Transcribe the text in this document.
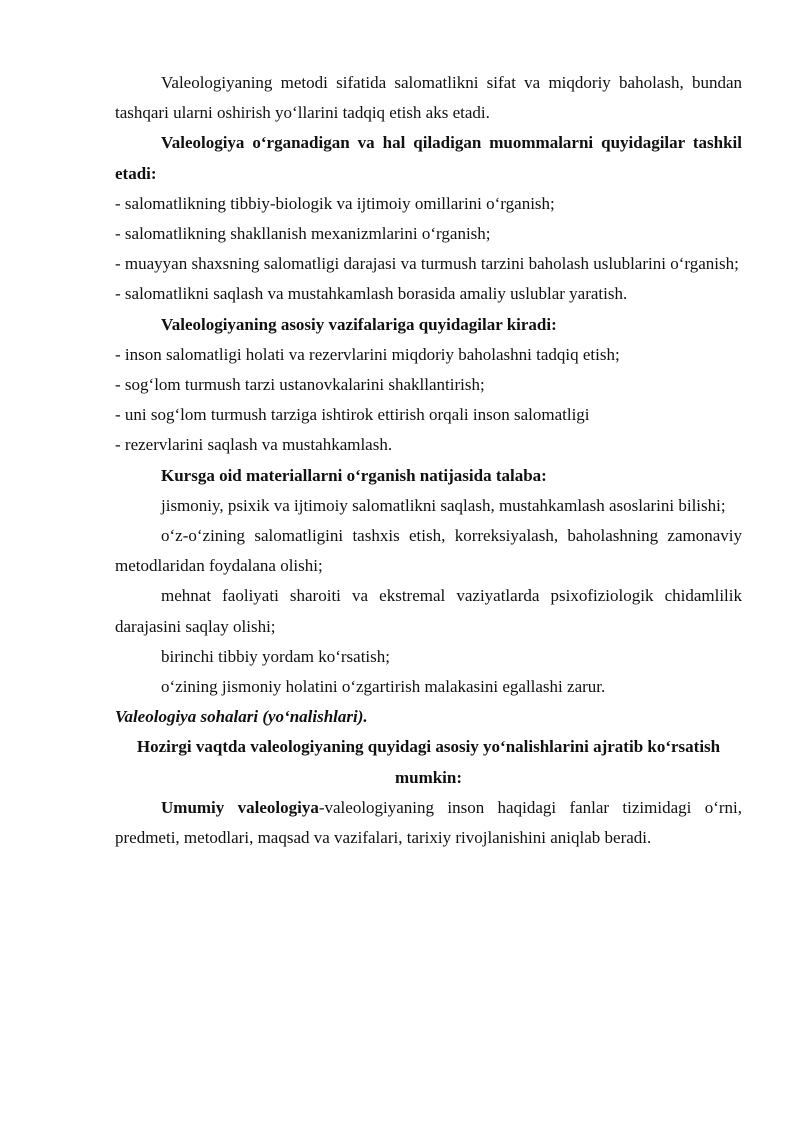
Valeologiyaning metodi sifatida salomatlikni sifat va miqdoriy baholash, bundan tashqari ularni oshirish yo‘llarini tadqiq etish aks etadi.

Valeologiya o‘rganadigan va hal qiladigan muommalarni quyidagilar tashkil etadi:

- salomatlikning tibbiy-biologik va ijtimoiy omillarini o‘rganish;

- salomatlikning shakllanish mexanizmlarini o‘rganish;

- muayyan shaxsning salomatligi darajasi va turmush tarzini baholash uslublarini o‘rganish;

- salomatlikni saqlash va mustahkamlash borasida amaliy uslublar yaratish.

Valeologiyaning asosiy vazifalariga quyidagilar kiradi:

- inson salomatligi holati va rezervlarini miqdoriy baholashni tadqiq etish;

- sog‘lom turmush tarzi ustanovkalarini shakllantirish;

- uni sog‘lom turmush tarziga ishtirok ettirish orqali inson salomatligi

- rezervlarini saqlash va mustahkamlash.

Kursga oid materiallarni o‘rganish natijasida talaba:

jismoniy, psixik va ijtimoiy salomatlikni saqlash, mustahkamlash asoslarini bilishi;

o‘z-o‘zining salomatligini tashxis etish, korreksiyalash, baholashning zamonaviy metodlaridan foydalana olishi;

mehnat faoliyati sharoiti va ekstremal vaziyatlarda psixofiziologik chidamlilik darajasini saqlay olishi;

birinchi tibbiy yordam ko‘rsatish;

o‘zining jismoniy holatini o‘zgartirish malakasini egallashi zarur.

Valeologiya sohalari (yo‘nalishlari).

Hozirgi vaqtda valeologiyaning quyidagi asosiy yo‘nalishlarini ajratib ko‘rsatish mumkin:

Umumiy valeologiya-valeologiyaning inson haqidagi fanlar tizimidagi o‘rni, predmeti, metodlari, maqsad va vazifalari, tarixiy rivojlanishini aniqlab beradi.
